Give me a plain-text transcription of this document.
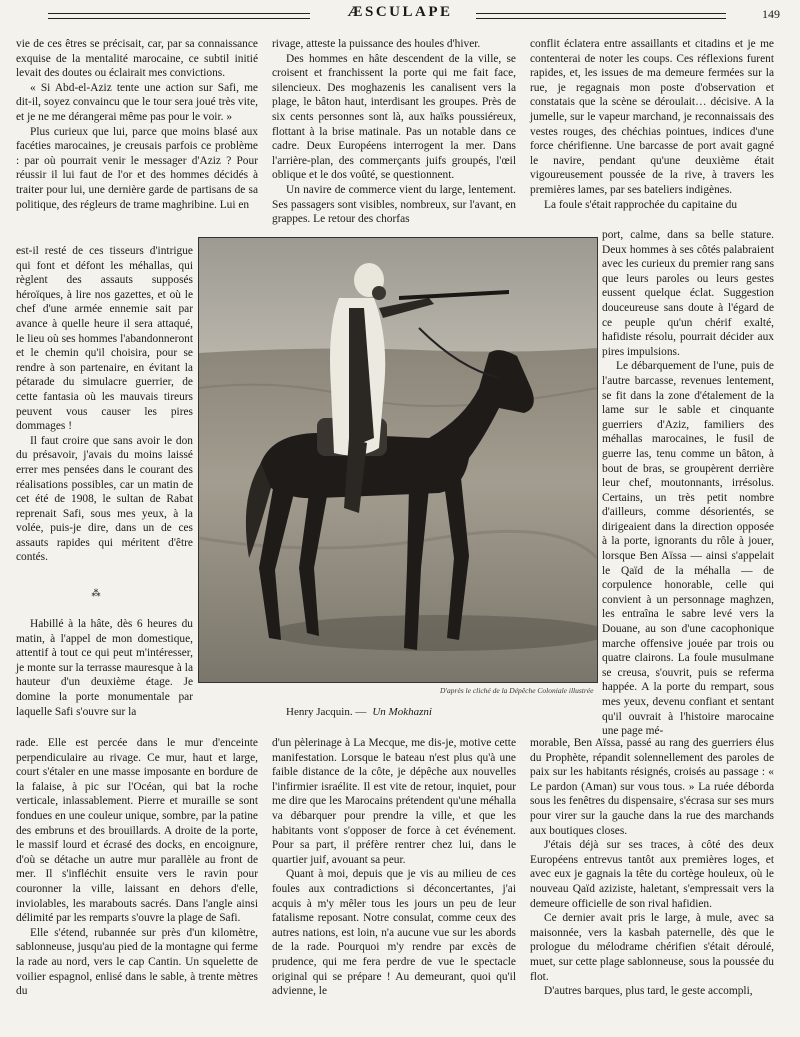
ÆSCULAPE	149

vie de ces êtres se précisait, car, par sa connaissance exquise de la mentalité marocaine, ce subtil initié levait des doutes ou éclairait mes convictions.

« Si Abd-el-Aziz tente une action sur Safi, me dit-il, soyez convaincu que le tour sera joué très vite, et je ne me dérangerai même pas pour le voir. »

Plus curieux que lui, parce que moins blasé aux facéties marocaines, je creusais parfois ce problème : par où pourrait venir le messager d'Aziz ? Pour réussir il lui faut de l'or et des hommes décidés à traiter pour lui, une dernière garde de partisans de sa politique, des régleurs de trame maghribine. Lui en

est-il resté de ces tisseurs d'intrigue qui font et défont les méhallas, qui règlent des assauts supposés héroïques, à lire nos gazettes, et où le chef d'une armée ennemie sait par avance à quelle heure il sera attaqué, le lieu où ses hommes l'abandonneront et le chemin qu'il choisira, pour se rendre à son partenaire, en évitant la pétarade du simulacre guerrier, de cette fantasia où les mauvais tireurs peuvent vous causer les pires dommages !

Il faut croire que sans avoir le don du présavoir, j'avais du moins laissé errer mes pensées dans le courant des réalisations possibles, car un matin de cet été de 1908, le sultan de Rabat reprenait Safi, sous mes yeux, à la volée, puis-je dire, dans un de ces assauts rapides qui méritent d'être contés.

⁂

Habillé à la hâte, dès 6 heures du matin, à l'appel de mon domestique, attentif à tout ce qui peut m'intéresser, je monte sur la terrasse mauresque à la hauteur d'un deuxième étage. Je domine la porte monumentale par laquelle Safi s'ouvre sur la

rade. Elle est percée dans le mur d'enceinte perpendiculaire au rivage. Ce mur, haut et large, court s'étaler en une masse imposante en bordure de la falaise, à pic sur l'Océan, qui bat la roche verticale, inlassablement. Pierre et muraille se sont fondues en une couleur unique, sombre, par la patine des embruns et des brouillards. A droite de la porte, le massif lourd et écrasé des docks, en encoignure, d'où se détache un autre mur parallèle au front de mer. Il s'infléchit ensuite vers le ravin pour couronner la ville, laissant en dehors d'elle, inviolables, les marabouts sacrés. Dans l'angle ainsi délimité par les remparts s'ouvre la plage de Safi.

Elle s'étend, rubannée sur près d'un kilomètre, sablonneuse, jusqu'au pied de la montagne qui ferme la rade au nord, vers le cap Cantin. Un squelette de voilier espagnol, enlisé dans le sable, à trente mètres du

rivage, atteste la puissance des houles d'hiver.

Des hommes en hâte descendent de la ville, se croisent et franchissent la porte qui me fait face, silencieux. Des moghazenis les canalisent vers la plage, le bâton haut, interdisant les groupes. Près de six cents personnes sont là, aux haïks poussiéreux, flottant à la brise matinale. Pas un notable dans ce cadre. Deux Européens interrogent la mer. Dans l'arrière-plan, des commerçants juifs groupés, l'œil oblique et le dos voûté, se questionnent.

Un navire de commerce vient du large, lentement. Ses passagers sont visibles, nombreux, sur l'avant, en grappes. Le retour des chorfas

d'un pèlerinage à La Mecque, me dis-je, motive cette manifestation. Lorsque le bateau n'est plus qu'à une faible distance de la côte, je dépêche aux nouvelles l'infirmier israélite. Il est vite de retour, inquiet, pour me dire que les Marocains prétendent qu'une méhalla va débarquer pour prendre la ville, et que les habitants vont s'opposer de force à cet événement. Pour sa part, il préfère rentrer chez lui, dans le quartier juif, avouant sa peur.

Quant à moi, depuis que je vis au milieu de ces foules aux contradictions si déconcertantes, j'ai acquis à m'y mêler tous les jours un peu de leur fatalisme reposant. Notre consulat, comme ceux des autres nations, est loin, n'a aucune vue sur les abords de la rade. Pourquoi m'y rendre par excès de prudence, qui me fera perdre de vue le spectacle original qui se prépare ! Au demeurant, quoi qu'il advienne, le

conflit éclatera entre assaillants et citadins et je me contenterai de noter les coups. Ces réflexions furent rapides, et, les issues de ma demeure fermées sur la rue, je regagnais mon poste d'observation et constatais que la scène se déroulait… décisive. A la jumelle, sur le vapeur marchand, je reconnaissais des vestes rouges, des chéchias pointues, indices d'une force chérifienne. Une barcasse de port avait gagné le navire, pendant qu'une deuxième était vigoureusement poussée de la rive, à travers les premières lames, par ses bateliers indigènes.

La foule s'était rapprochée du capitaine du

port, calme, dans sa belle stature. Deux hommes à ses côtés palabraient avec les curieux du premier rang sans que leurs paroles ou leurs gestes eussent quelque éclat. Suggestion douceureuse sans doute à l'égard de ce peuple qu'un chérif exalté, hafidiste résolu, pourrait décider aux pires impulsions.

Le débarquement de l'une, puis de l'autre barcasse, revenues lentement, se fit dans la zone d'étalement de la lame sur le sable et cinquante guerriers d'Aziz, familiers des méhallas marocaines, le fusil de guerre las, tenu comme un bâton, à bout de bras, se groupèrent derrière leur chef, moutonnants, irrésolus. Certains, un très petit nombre d'ailleurs, comme désorientés, se dirigeaient dans la direction opposée à la porte, ignorants du rôle à jouer, lorsque Ben Aïssa — ainsi s'appelait le Qaïd de la méhalla — de corpulence honorable, celle qui convient à un personnage maghzen, les entraîna le sabre levé vers la Douane, au son d'une cacophonique marche offensive jouée par trois ou quatre clairons. La foule musulmane se creusa, s'ouvrit, puis se referma happée. A la porte du rempart, sous mes yeux, devenu confiant et sentant qu'il ouvrait à l'histoire marocaine une page mé-

morable, Ben Aïssa, passé au rang des guerriers élus du Prophète, répandit solennellement des paroles de paix sur les habitants résignés, croisés au passage : « Le pardon (Aman) sur vous tous. » La ruée déborda sous les fenêtres du dispensaire, s'écrasa sur ses murs pour virer sur la gauche dans la rue des marchands aux boutiques closes.

J'étais déjà sur ses traces, à côté des deux Européens entrevus tantôt aux premières loges, et avec eux je gagnais la tête du cortège houleux, où le nouveau Qaïd aziziste, haletant, s'empressait vers la demeure officielle de son rival hafidien.

Ce dernier avait pris le large, à mule, avec sa maisonnée, vers la kasbah paternelle, dès que le prologue du mélodrame chérifien s'était déroulé, muet, sur cette plage sablonneuse, sous la poussée du flot.

D'autres barques, plus tard, le geste accompli,

D'après le cliché de la Dépêche Coloniale illustrée
Henry Jacquin. — Un Mokhazni
